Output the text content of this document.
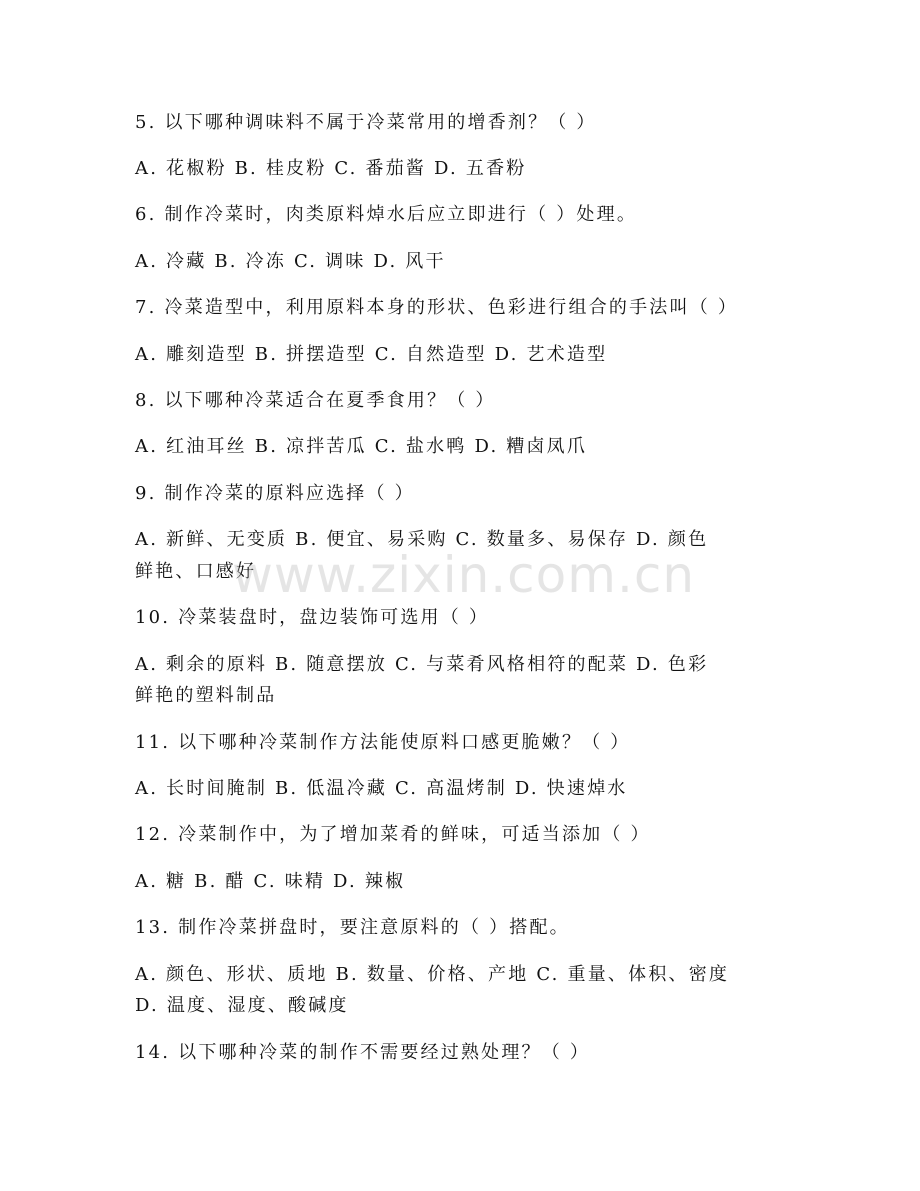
5. 以下哪种调味料不属于冷菜常用的增香剂？（ ）
A. 花椒粉 B. 桂皮粉 C. 番茄酱 D. 五香粉
6. 制作冷菜时，肉类原料焯水后应立即进行（ ）处理。
A. 冷藏 B. 冷冻 C. 调味 D. 风干
7. 冷菜造型中，利用原料本身的形状、色彩进行组合的手法叫（ ）
A. 雕刻造型 B. 拼摆造型 C. 自然造型 D. 艺术造型
8. 以下哪种冷菜适合在夏季食用？（ ）
A. 红油耳丝 B. 凉拌苦瓜 C. 盐水鸭 D. 糟卤凤爪
9. 制作冷菜的原料应选择（ ）
A. 新鲜、无变质 B. 便宜、易采购 C. 数量多、易保存 D. 颜色
鲜艳、口感好
10. 冷菜装盘时，盘边装饰可选用（ ）
A. 剩余的原料 B. 随意摆放 C. 与菜肴风格相符的配菜 D. 色彩
鲜艳的塑料制品
11. 以下哪种冷菜制作方法能使原料口感更脆嫩？（ ）
A. 长时间腌制 B. 低温冷藏 C. 高温烤制 D. 快速焯水
12. 冷菜制作中，为了增加菜肴的鲜味，可适当添加（ ）
A. 糖 B. 醋 C. 味精 D. 辣椒
13. 制作冷菜拼盘时，要注意原料的（ ）搭配。
A. 颜色、形状、质地 B. 数量、价格、产地 C. 重量、体积、密度
D. 温度、湿度、酸碱度
14. 以下哪种冷菜的制作不需要经过熟处理？（ ）
www.zixin.com.cn
